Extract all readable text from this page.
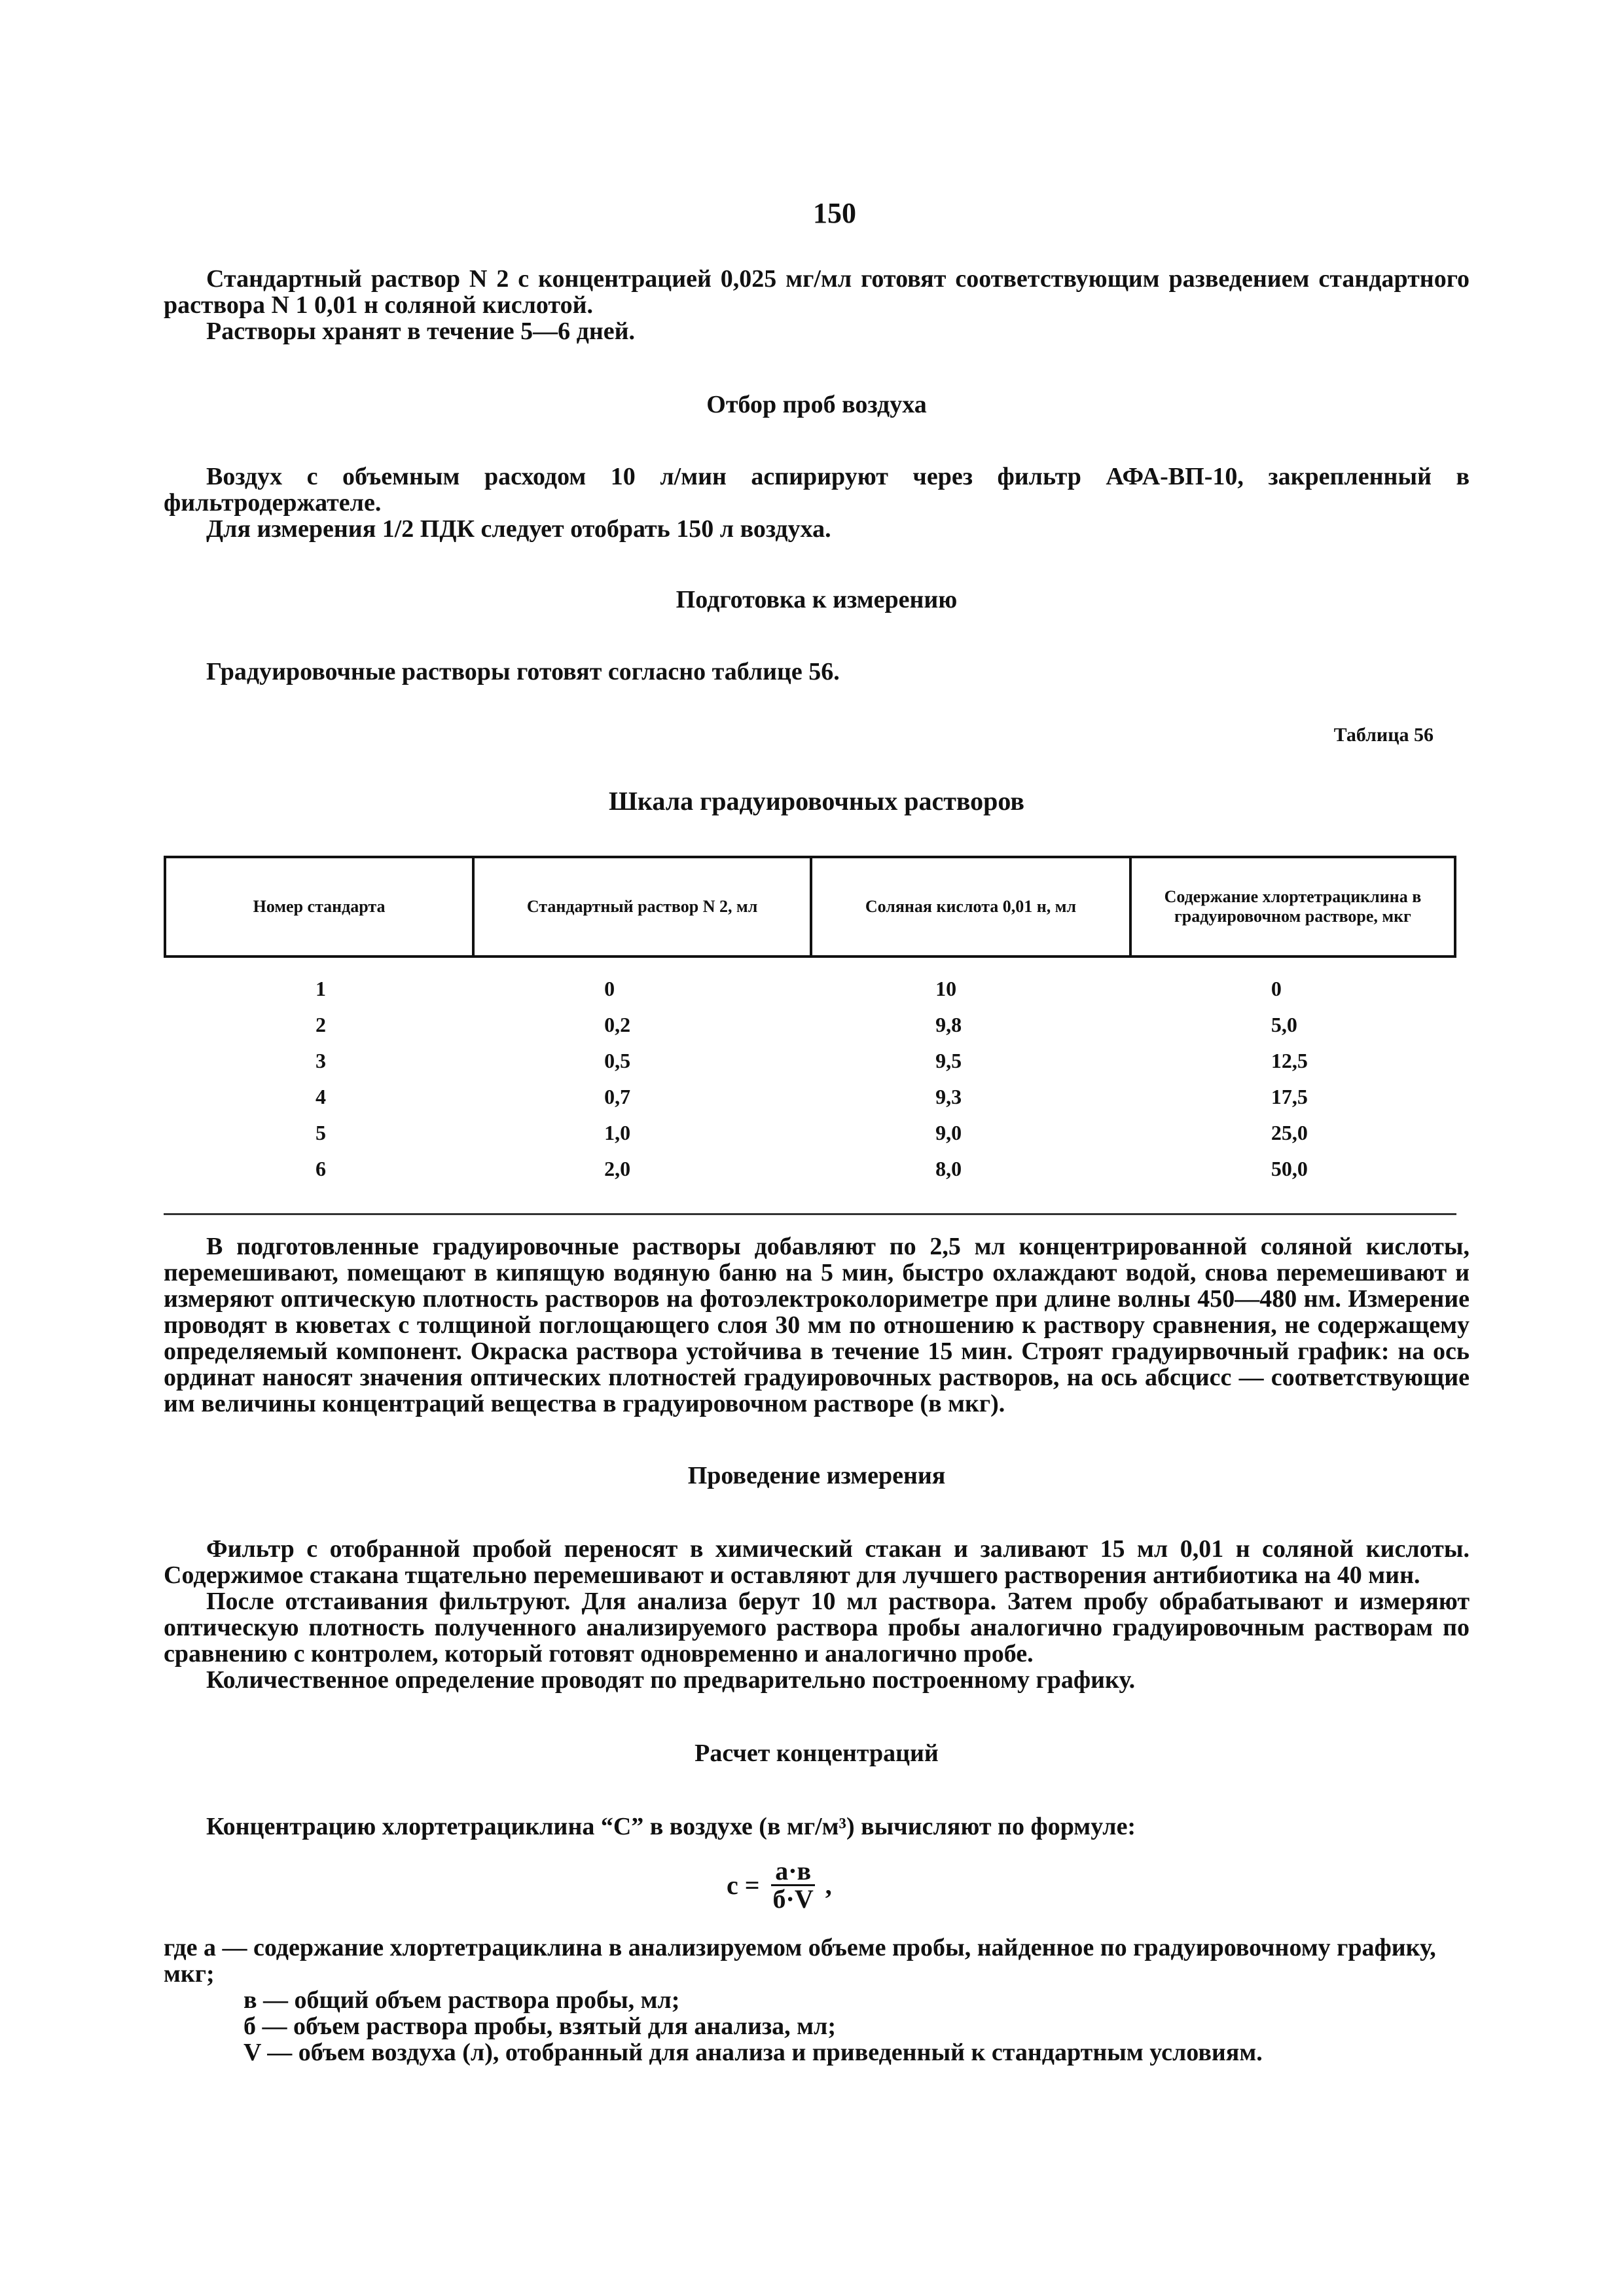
150

Стандартный раствор N 2 с концентрацией 0,025 мг/мл готовят соответствующим разведением стандартного раствора N 1 0,01 н соляной кислотой.

Растворы хранят в течение 5—6 дней.

Отбор проб воздуха

Воздух с объемным расходом 10 л/мин аспирируют через фильтр АФА-ВП-10, закрепленный в фильтродержателе.

Для измерения 1/2 ПДК следует отобрать 150 л воздуха.

Подготовка к измерению

Градуировочные растворы готовят согласно таблице 56.

Таблица 56
Шкала градуировочных растворов
Номер стандарта	Стандартный раствор N 2, мл	Соляная кислота 0,01 н, мл	Содержание хлортетрациклина в градуировочном растворе, мкг
1	0	10	0
2	0,2	9,8	5,0
3	0,5	9,5	12,5
4	0,7	9,3	17,5
5	1,0	9,0	25,0
6	2,0	8,0	50,0

В подготовленные градуировочные растворы добавляют по 2,5 мл концентрированной соляной кислоты, перемешивают, помещают в кипящую водяную баню на 5 мин, быстро охлаждают водой, снова перемешивают и измеряют оптическую плотность растворов на фотоэлектроколориметре при длине волны 450—480 нм. Измерение проводят в кюветах с толщиной поглощающего слоя 30 мм по отношению к раствору сравнения, не содержащему определяемый компонент. Окраска раствора устойчива в течение 15 мин. Строят градуирвочный график: на ось ординат наносят значения оптических плотностей градуировочных растворов, на ось абсцисс — соответствующие им величины концентраций вещества в градуировочном растворе (в мкг).

Проведение измерения

Фильтр с отобранной пробой переносят в химический стакан и заливают 15 мл 0,01 н соляной кислоты. Содержимое стакана тщательно перемешивают и оставляют для лучшего растворения антибиотика на 40 мин.

После отстаивания фильтруют. Для анализа берут 10 мл раствора. Затем пробу обрабатывают и измеряют оптическую плотность полученного анализируемого раствора пробы аналогично градуировочным растворам по сравнению с контролем, который готовят одновременно и аналогично пробе.

Количественное определение проводят по предварительно построенному графику.

Расчет концентраций

Концентрацию хлортетрациклина “С” в воздухе (в мг/м³) вычисляют по формуле:

$с = \frac{а\cdot в}{б\cdot V}$ ,

где а — содержание хлортетрациклина в анализируемом объеме пробы, найденное по градуировочному графику, мкг;

в — общий объем раствора пробы, мл;

б — объем раствора пробы, взятый для анализа, мл;

V — объем воздуха (л), отобранный для анализа и приведенный к стандартным условиям.
